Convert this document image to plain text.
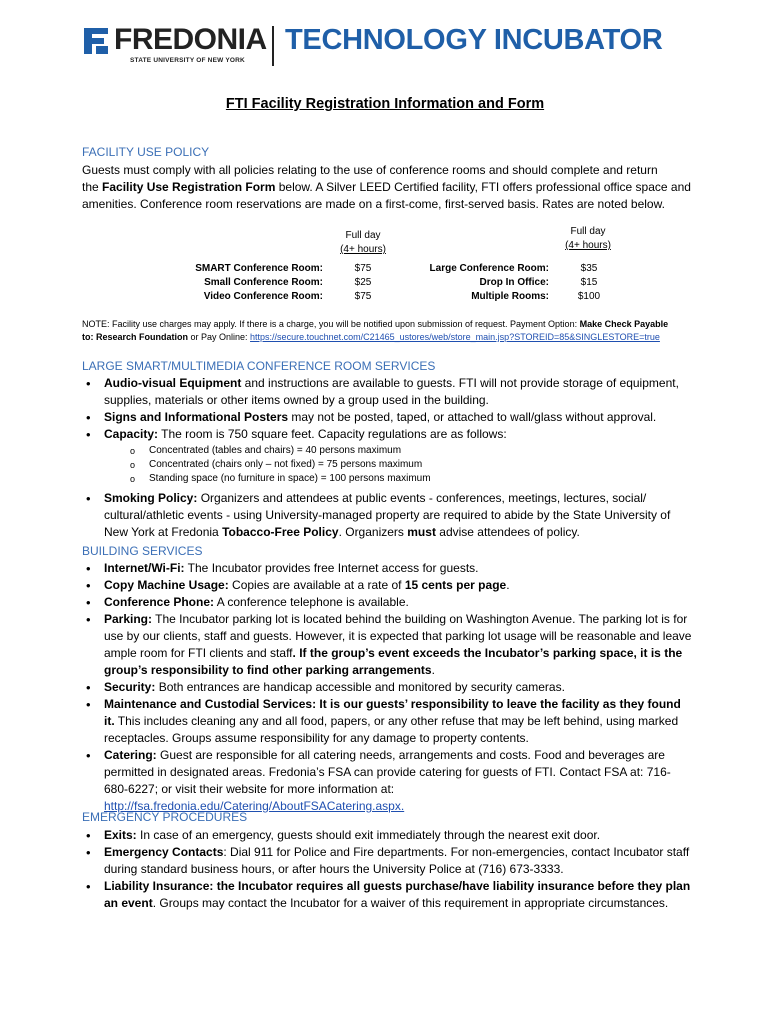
FREDONIA
STATE UNIVERSITY OF NEW YORK
TECHNOLOGY INCUBATOR
FTI Facility Registration Information and Form
FACILITY USE POLICY
Guests must comply with all policies relating to the use of conference rooms and should complete and return
the Facility Use Registration Form below. A Silver LEED Certified facility, FTI offers professional office space and
amenities. Conference room reservations are made on a first-come, first-served basis. Rates are noted below.
Full day
(4+ hours)
Full day
(4+ hours)
SMART Conference Room:
Small Conference Room:
Video Conference Room:
$75
$25
$75
Large Conference Room:
Drop In Office:
Multiple Rooms:
$35
$15
$100
NOTE: Facility use charges may apply. If there is a charge, you will be notified upon submission of request. Payment Option: Make Check Payable
to: Research Foundation or Pay Online: https://secure.touchnet.com/C21465_ustores/web/store_main.jsp?STOREID=85&SINGLESTORE=true
LARGE SMART/MULTIMEDIA CONFERENCE ROOM SERVICES
• Audio-visual Equipment and instructions are available to guests. FTI will not provide storage of equipment, supplies, materials or other items owned by a group used in the building.
• Signs and Informational Posters may not be posted, taped, or attached to wall/glass without approval.
• Capacity: The room is 750 square feet. Capacity regulations are as follows:
o Concentrated (tables and chairs) = 40 persons maximum
o Concentrated (chairs only – not fixed) = 75 persons maximum
o Standing space (no furniture in space) = 100 persons maximum
• Smoking Policy: Organizers and attendees at public events - conferences, meetings, lectures, social/ cultural/athletic events - using University-managed property are required to abide by the State University of New York at Fredonia Tobacco-Free Policy. Organizers must advise attendees of policy.
BUILDING SERVICES
• Internet/Wi-Fi: The Incubator provides free Internet access for guests.
• Copy Machine Usage: Copies are available at a rate of 15 cents per page.
• Conference Phone: A conference telephone is available.
• Parking: The Incubator parking lot is located behind the building on Washington Avenue. The parking lot is for use by our clients, staff and guests. However, it is expected that parking lot usage will be reasonable and leave ample room for FTI clients and staff. If the group’s event exceeds the Incubator’s parking space, it is the group’s responsibility to find other parking arrangements.
• Security: Both entrances are handicap accessible and monitored by security cameras.
• Maintenance and Custodial Services: It is our guests’ responsibility to leave the facility as they found it. This includes cleaning any and all food, papers, or any other refuse that may be left behind, using marked receptacles. Groups assume responsibility for any damage to property contents.
• Catering: Guest are responsible for all catering needs, arrangements and costs. Food and beverages are permitted in designated areas. Fredonia’s FSA can provide catering for guests of FTI. Contact FSA at: 716-680-6227; or visit their website for more information at: http://fsa.fredonia.edu/Catering/AboutFSACatering.aspx.
EMERGENCY PROCEDURES
• Exits: In case of an emergency, guests should exit immediately through the nearest exit door.
• Emergency Contacts: Dial 911 for Police and Fire departments. For non-emergencies, contact Incubator staff during standard business hours, or after hours the University Police at (716) 673-3333.
• Liability Insurance: the Incubator requires all guests purchase/have liability insurance before they plan an event. Groups may contact the Incubator for a waiver of this requirement in appropriate circumstances.
